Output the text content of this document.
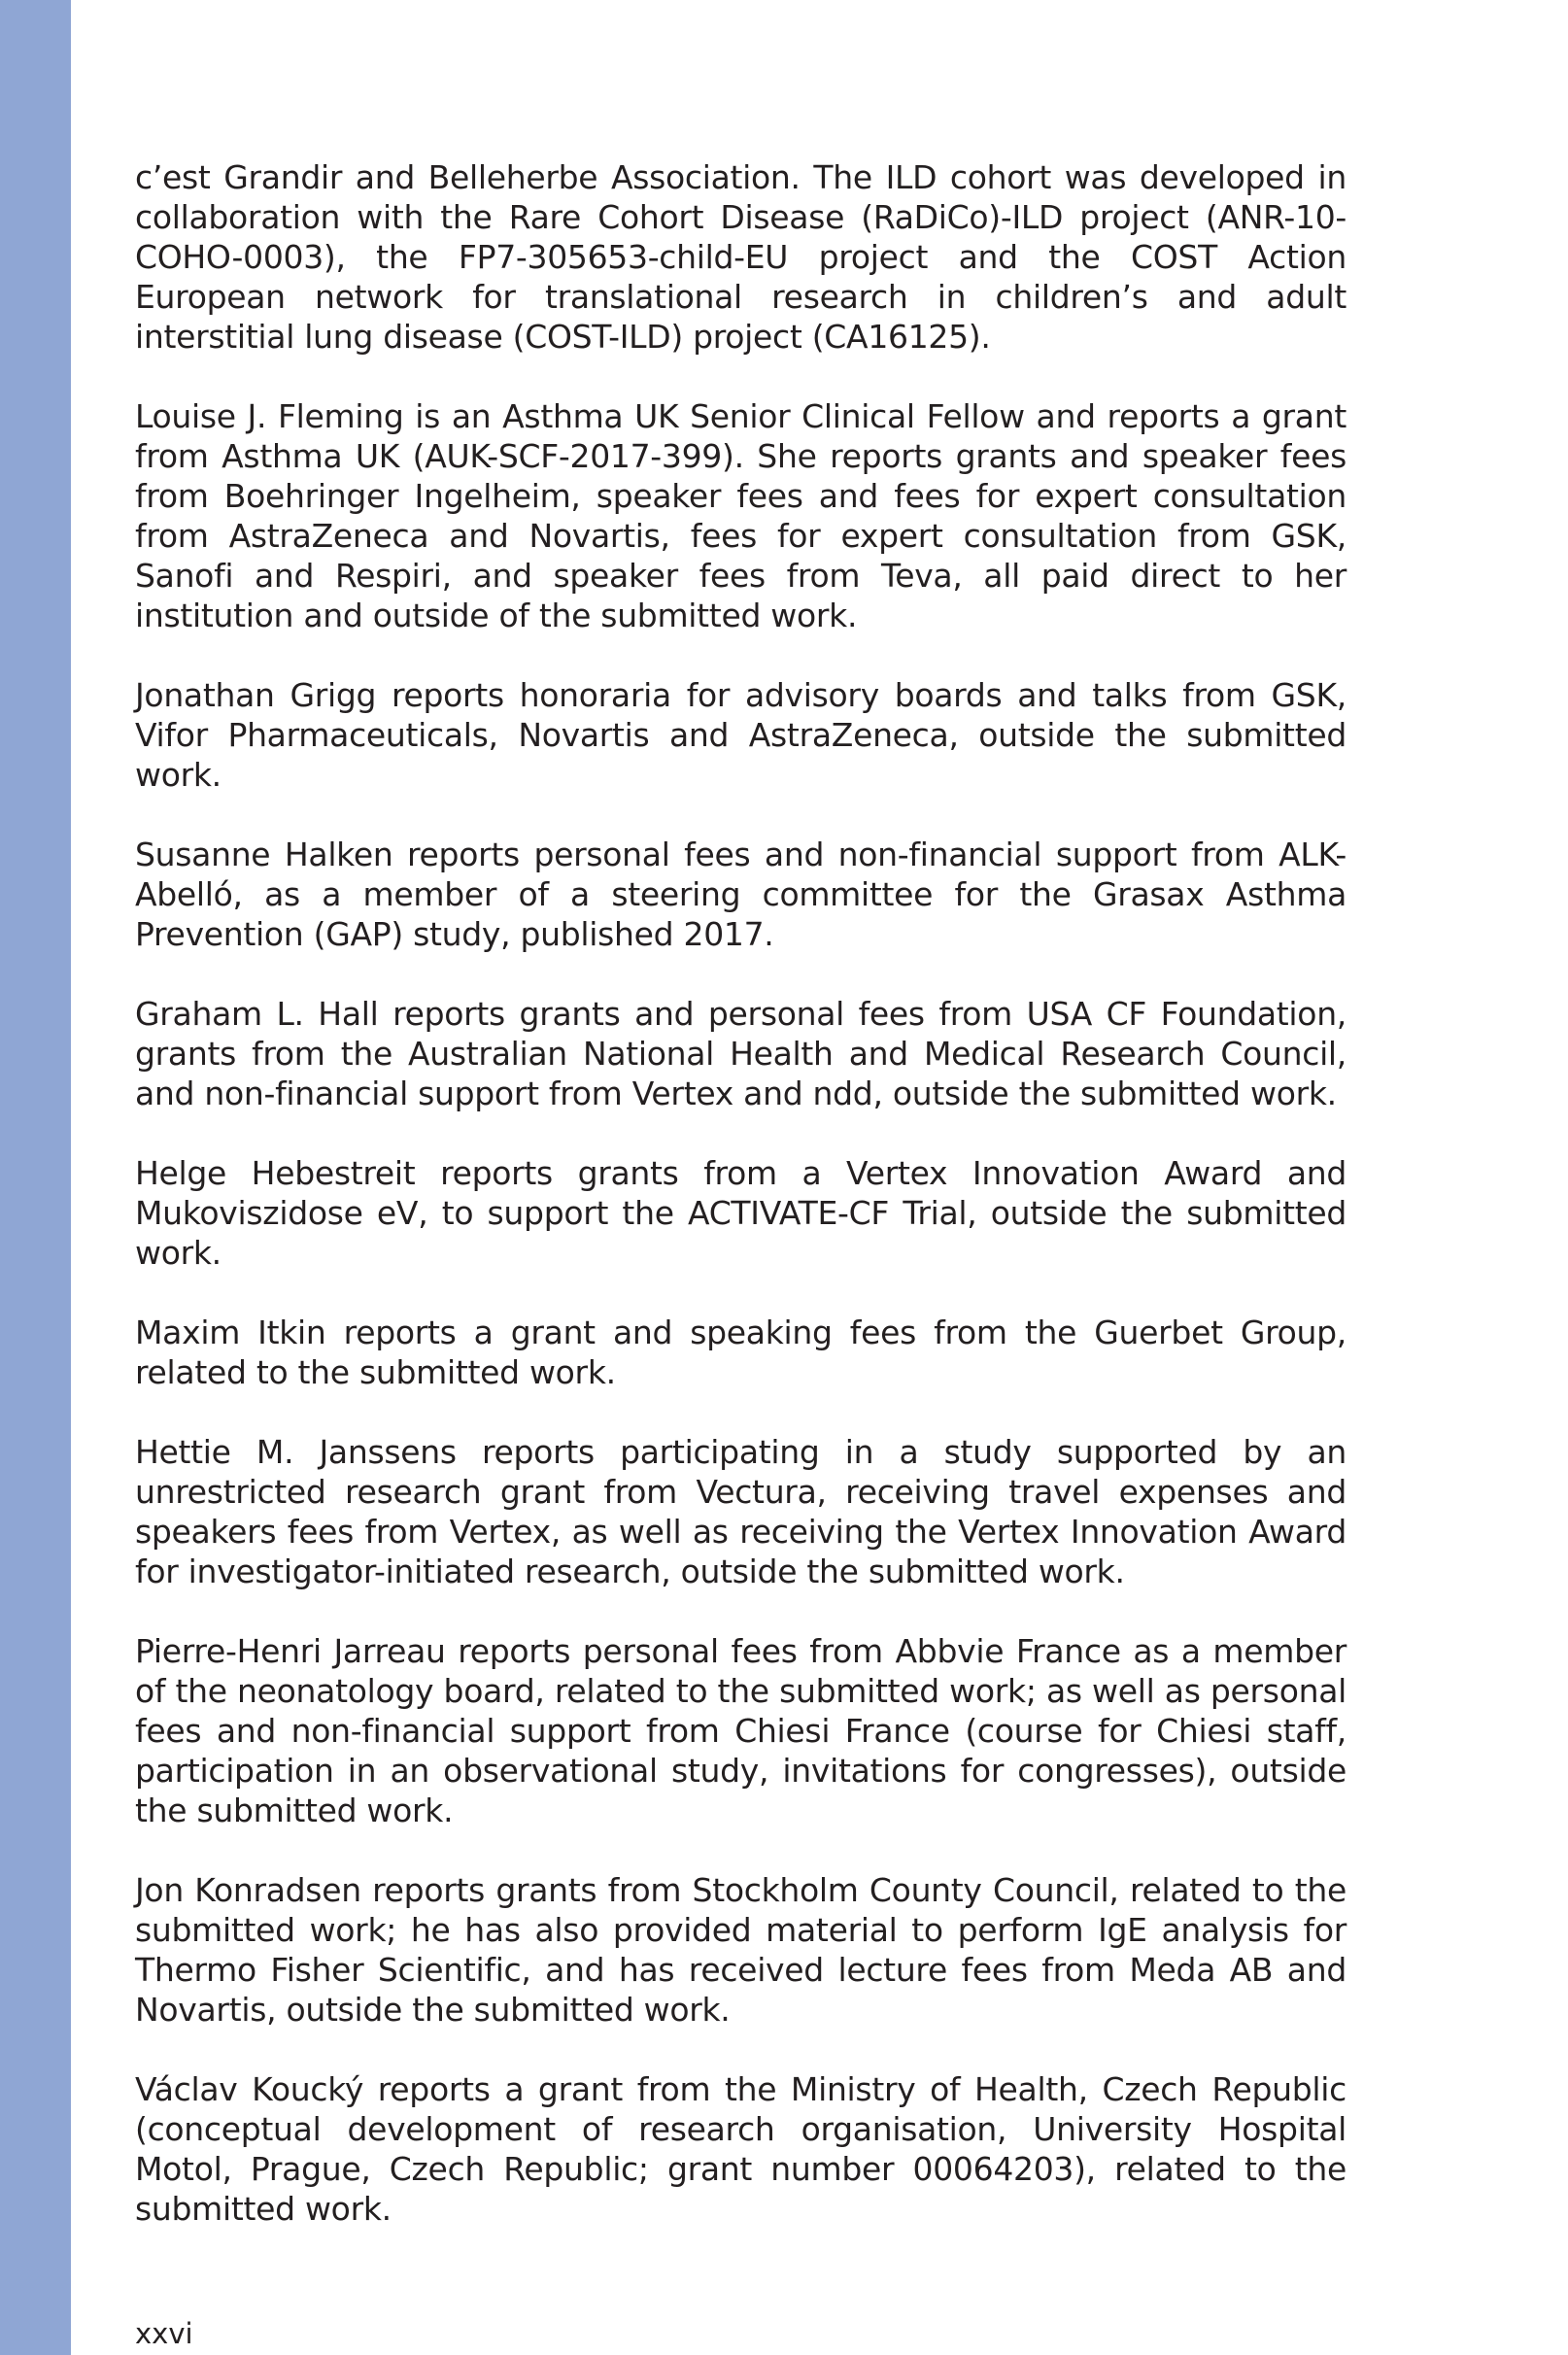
c’est Grandir and Belleherbe Association. The ILD cohort was developed in collaboration with the Rare Cohort Disease (RaDiCo)-ILD project (ANR-10-COHO-0003), the FP7-305653-child-EU project and the COST Action European network for translational research in children’s and adult interstitial lung disease (COST-ILD) project (CA16125).

Louise J. Fleming is an Asthma UK Senior Clinical Fellow and reports a grant from Asthma UK (AUK-SCF-2017-399). She reports grants and speaker fees from Boehringer Ingelheim, speaker fees and fees for expert consultation from AstraZeneca and Novartis, fees for expert consultation from GSK, Sanofi and Respiri, and speaker fees from Teva, all paid direct to her institution and outside of the submitted work.

Jonathan Grigg reports honoraria for advisory boards and talks from GSK, Vifor Pharmaceuticals, Novartis and AstraZeneca, outside the submitted work.

Susanne Halken reports personal fees and non-financial support from ALK-Abelló, as a member of a steering committee for the Grasax Asthma Prevention (GAP) study, published 2017.

Graham L. Hall reports grants and personal fees from USA CF Foundation, grants from the Australian National Health and Medical Research Council, and non-financial support from Vertex and ndd, outside the submitted work.

Helge Hebestreit reports grants from a Vertex Innovation Award and Mukoviszidose eV, to support the ACTIVATE-CF Trial, outside the submitted work.

Maxim Itkin reports a grant and speaking fees from the Guerbet Group, related to the submitted work.

Hettie M. Janssens reports participating in a study supported by an unrestricted research grant from Vectura, receiving travel expenses and speakers fees from Vertex, as well as receiving the Vertex Innovation Award for investigator-initiated research, outside the submitted work.

Pierre-Henri Jarreau reports personal fees from Abbvie France as a member of the neonatology board, related to the submitted work; as well as personal fees and non-financial support from Chiesi France (course for Chiesi staff, participation in an observational study, invitations for congresses), outside the submitted work.

Jon Konradsen reports grants from Stockholm County Council, related to the submitted work; he has also provided material to perform IgE analysis for Thermo Fisher Scientific, and has received lecture fees from Meda AB and Novartis, outside the submitted work.

Václav Koucký reports a grant from the Ministry of Health, Czech Republic (conceptual development of research organisation, University Hospital Motol, Prague, Czech Republic; grant number 00064203), related to the submitted work.

xxvi
